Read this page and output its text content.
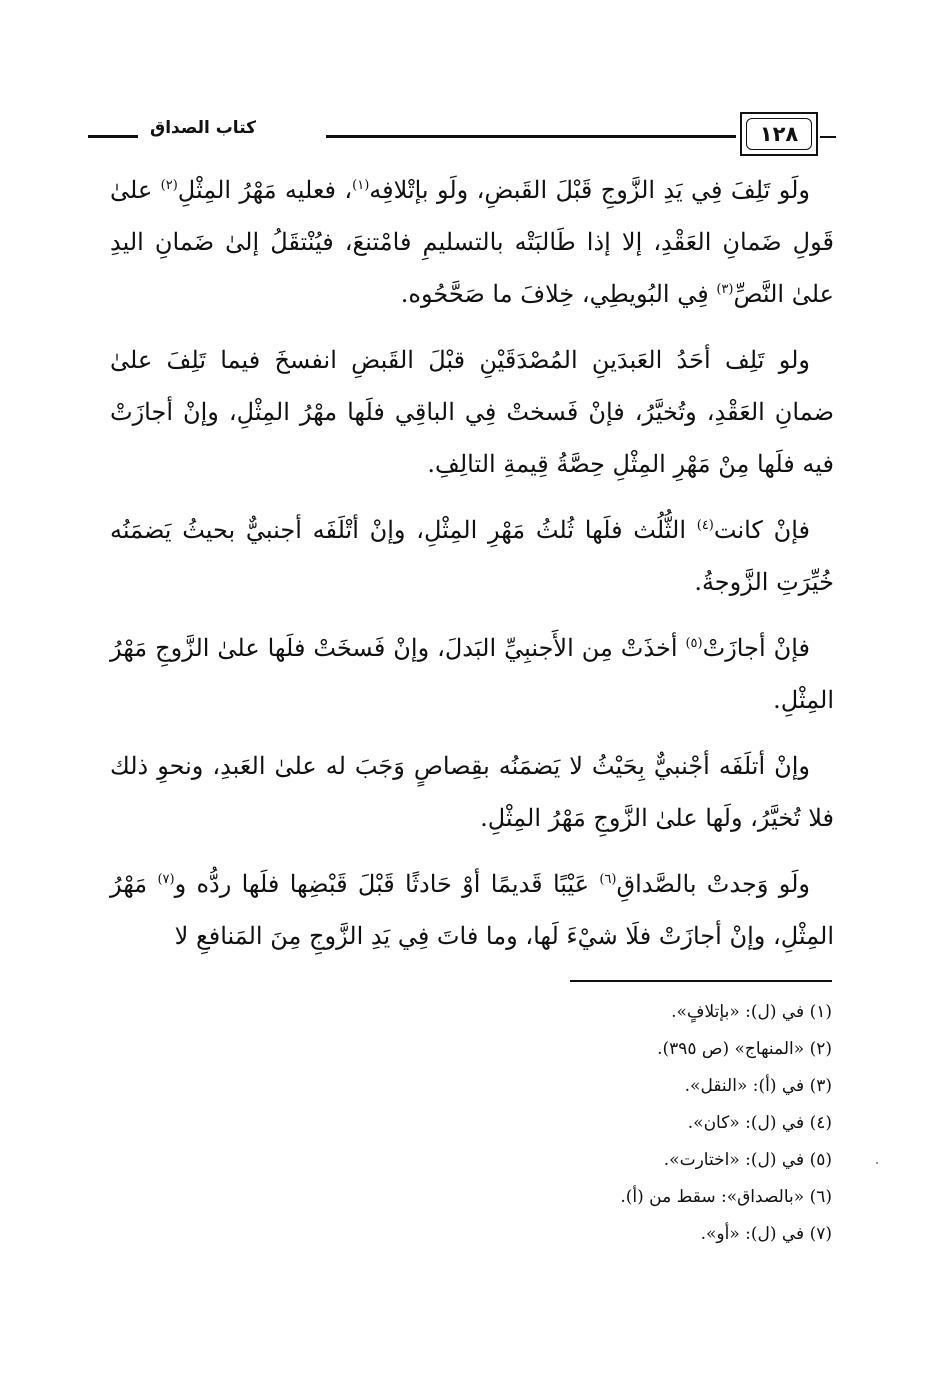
١٢٨
كتاب الصداق

ولَو تَلِفَ فِي يَدِ الزَّوجِ قَبْلَ القَبضِ، ولَو بإتْلافِه$^{(١)}$، فعليه مَهْرُ المِثْلِ$^{(٢)}$ علىٰ قَولِ ضَمانِ العَقْدِ، إلا إذا طَالبَتْه بالتسليمِ فامْتنعَ، فيُنْتقَلُ إلىٰ ضَمانِ اليدِ علىٰ النَّصِّ$^{(٣)}$ فِي البُويطِي، خِلافَ ما صَحَّحُوه.

ولو تَلِف أحَدُ العَبدَينِ المُصْدَقَيْنِ قبْلَ القَبضِ انفسخَ فيما تَلِفَ علىٰ ضمانِ العَقْدِ، وتُخيَّرُ، فإنْ فَسختْ فِي الباقِي فلَها مهْرُ المِثْلِ، وإنْ أجازَتْ فيه فلَها مِنْ مَهْرِ المِثْلِ حِصَّةُ قِيمةِ التالِفِ.

فإنْ كانت$^{(٤)}$ الثُّلُث فلَها ثُلثُ مَهْرِ المِثْلِ، وإنْ أتْلَفَه أجنبيٌّ بحيثُ يَضمَنُه خُيِّرَتِ الزَّوجةُ.

فإنْ أجازَتْ$^{(٥)}$ أخذَتْ مِن الأَجنبِيِّ البَدلَ، وإنْ فَسخَتْ فلَها علىٰ الزَّوجِ مَهْرُ المِثْلِ.

وإنْ أتلَفَه أجْنبيٌّ بِحَيْثُ لا يَضمَنُه بقِصاصٍ وَجَبَ له علىٰ العَبدِ، ونحوِ ذلك فلا تُخيَّرُ، ولَها علىٰ الزَّوجِ مَهْرُ المِثْلِ.

ولَو وَجدتْ بالصَّداقِ$^{(٦)}$ عَيْبًا قَديمًا أوْ حَادثًا قَبْلَ قَبْضِها فلَها ردُّه و$^{(٧)}$ مَهْرُ المِثْلِ، وإنْ أجازَتْ فلَا شيْءَ لَها، وما فاتَ فِي يَدِ الزَّوجِ مِنَ المَنافعِ لا

(١) في (ل): «بإتلافٍ».
(٢) «المنهاج» (ص ٣٩٥).
(٣) في (أ): «النقل».
(٤) في (ل): «كان».
(٥) في (ل): «اختارت».
(٦) «بالصداق»: سقط من (أ).
(٧) في (ل): «أو».
